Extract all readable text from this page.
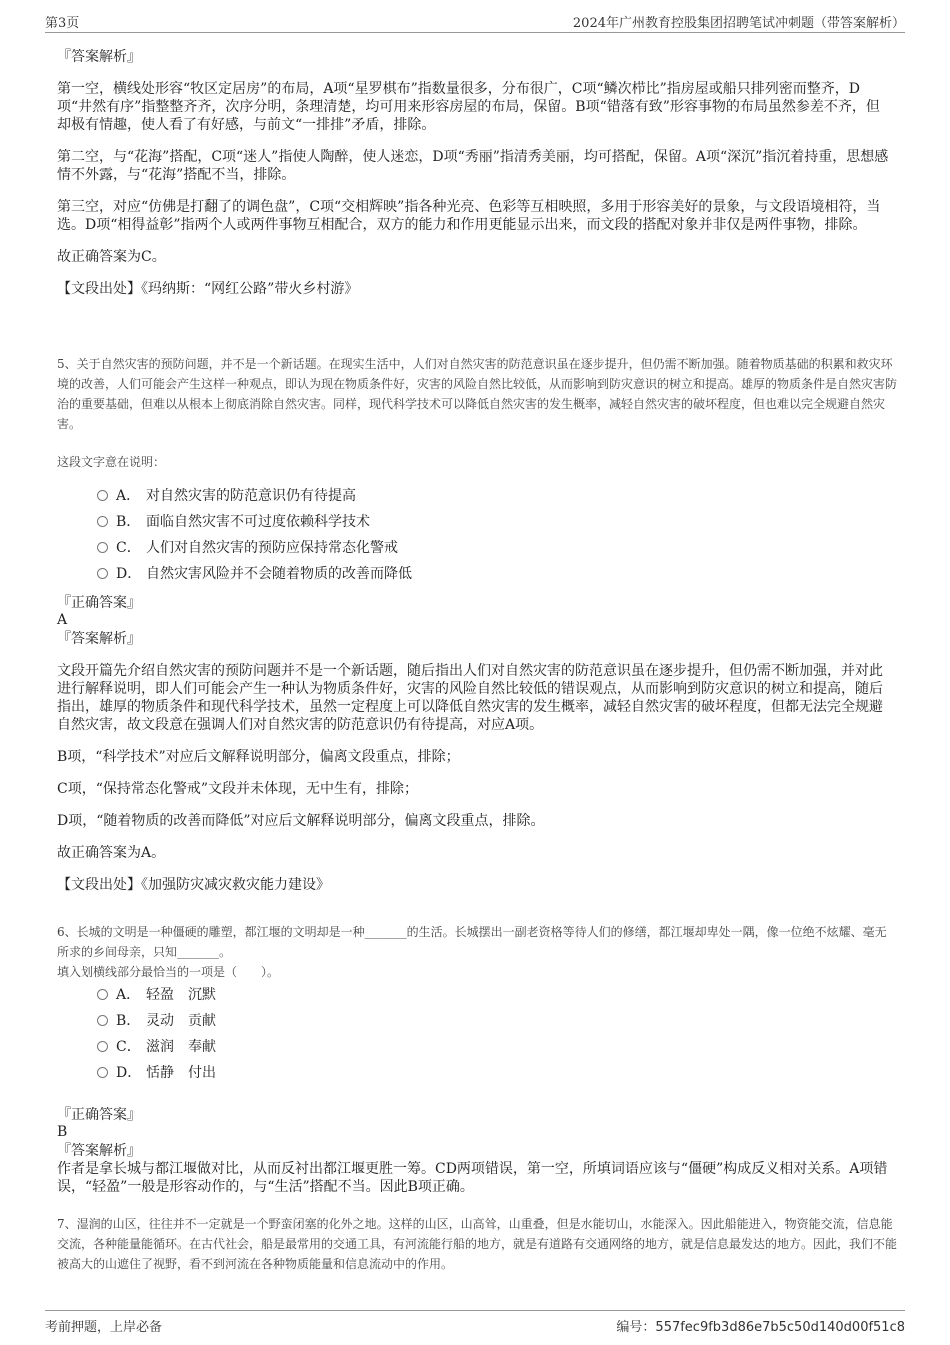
第3页	2024年广州教育控股集团招聘笔试冲刺题（带答案解析）

『答案解析』

第一空，横线处形容“牧区定居房”的布局，A项“星罗棋布”指数量很多，分布很广，C项“鳞次栉比”指房屋或船只排列密而整齐，D项“井然有序”指整整齐齐，次序分明，条理清楚，均可用来形容房屋的布局，保留。B项“错落有致”形容事物的布局虽然参差不齐，但却极有情趣，使人看了有好感，与前文“一排排”矛盾，排除。

第二空，与“花海”搭配，C项“迷人”指使人陶醉，使人迷恋，D项“秀丽”指清秀美丽，均可搭配，保留。A项“深沉”指沉着持重，思想感情不外露，与“花海”搭配不当，排除。

第三空，对应“仿佛是打翻了的调色盘”，C项“交相辉映”指各种光亮、色彩等互相映照，多用于形容美好的景象，与文段语境相符，当选。D项“相得益彰”指两个人或两件事物互相配合，双方的能力和作用更能显示出来，而文段的搭配对象并非仅是两件事物，排除。

故正确答案为C。

【文段出处】《玛纳斯：“网红公路”带火乡村游》

5、关于自然灾害的预防问题，并不是一个新话题。在现实生活中，人们对自然灾害的防范意识虽在逐步提升，但仍需不断加强。随着物质基础的积累和救灾环境的改善，人们可能会产生这样一种观点，即认为现在物质条件好，灾害的风险自然比较低，从而影响到防灾意识的树立和提高。雄厚的物质条件是自然灾害防治的重要基础，但难以从根本上彻底消除自然灾害。同样，现代科学技术可以降低自然灾害的发生概率，减轻自然灾害的破坏程度，但也难以完全规避自然灾害。

这段文字意在说明：

A． 对自然灾害的防范意识仍有待提高
B． 面临自然灾害不可过度依赖科学技术
C． 人们对自然灾害的预防应保持常态化警戒
D． 自然灾害风险并不会随着物质的改善而降低

『正确答案』

A

『答案解析』

文段开篇先介绍自然灾害的预防问题并不是一个新话题，随后指出人们对自然灾害的防范意识虽在逐步提升，但仍需不断加强，并对此进行解释说明，即人们可能会产生一种认为物质条件好，灾害的风险自然比较低的错误观点，从而影响到防灾意识的树立和提高，随后指出，雄厚的物质条件和现代科学技术，虽然一定程度上可以降低自然灾害的发生概率，减轻自然灾害的破坏程度，但都无法完全规避自然灾害，故文段意在强调人们对自然灾害的防范意识仍有待提高，对应A项。

B项，“科学技术”对应后文解释说明部分，偏离文段重点，排除；

C项，“保持常态化警戒”文段并未体现，无中生有，排除；

D项，“随着物质的改善而降低”对应后文解释说明部分，偏离文段重点，排除。

故正确答案为A。

【文段出处】《加强防灾减灾救灾能力建设》

6、长城的文明是一种僵硬的雕塑，都江堰的文明却是一种_______的生活。长城摆出一副老资格等待人们的修缮，都江堰却卑处一隅，像一位绝不炫耀、毫无所求的乡间母亲，只知_______。

填入划横线部分最恰当的一项是（　　）。

A． 轻盈　沉默
B． 灵动　贡献
C． 滋润　奉献
D． 恬静　付出

『正确答案』

B

『答案解析』

作者是拿长城与都江堰做对比，从而反衬出都江堰更胜一筹。CD两项错误，第一空，所填词语应该与“僵硬”构成反义相对关系。A项错误，“轻盈”一般是形容动作的，与“生活”搭配不当。因此B项正确。

7、湿润的山区，往往并不一定就是一个野蛮闭塞的化外之地。这样的山区，山高耸，山重叠，但是水能切山，水能深入。因此船能进入，物资能交流，信息能交流，各种能量能循环。在古代社会，船是最常用的交通工具，有河流能行船的地方，就是有道路有交通网络的地方，就是信息最发达的地方。因此，我们不能被高大的山遮住了视野，看不到河流在各种物质能量和信息流动中的作用。

考前押题，上岸必备	编号：557fec9fb3d86e7b5c50d140d00f51c8
